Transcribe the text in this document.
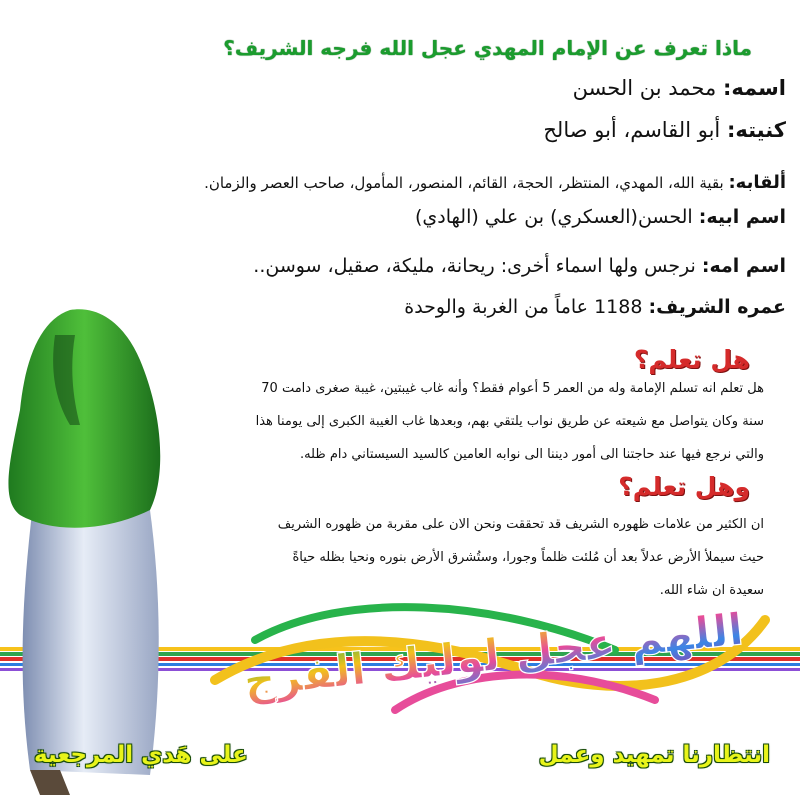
اللهم عجل لوليك الفرج
ماذا تعرف عن الإمام المهدي عجل الله فرجه الشريف؟
اسمه: محمد بن الحسن
كنيته: أبو القاسم، أبو صالح
ألقابه: بقية الله، المهدي، المنتظر، الحجة، القائم، المنصور، المأمول، صاحب العصر والزمان.
اسم ابيه: الحسن(العسكري) بن علي (الهادي)
اسم امه: نرجس ولها اسماء أخرى: ريحانة، مليكة، صقيل، سوسن..
عمره الشريف: 1188 عاماً من الغربة والوحدة
هل تعلم؟
هل تعلم انه تسلم الإمامة وله من العمر 5 أعوام فقط؟ وأنه غاب غيبتين، غيبة صغرى دامت 70
سنة وكان يتواصل مع شيعته عن طريق نواب يلتقي بهم، وبعدها غاب الغيبة الكبرى إلى يومنا هذا
والتي نرجع فيها عند حاجتنا الى أمور ديننا الى نوابه العامين كالسيد السيستاني دام ظله.
وهل تعلم؟
ان الكثير من علامات ظهوره الشريف قد تحققت ونحن الان على مقربة من ظهوره الشريف
حيث سيملأ الأرض عدلاً بعد أن مُلئت ظلماً وجورا، وستُشرق الأرض بنوره ونحيا بظله حياةً
سعيدة ان شاء الله.
على هَدي المرجعية	انتظارنا تمهيد وعمل
